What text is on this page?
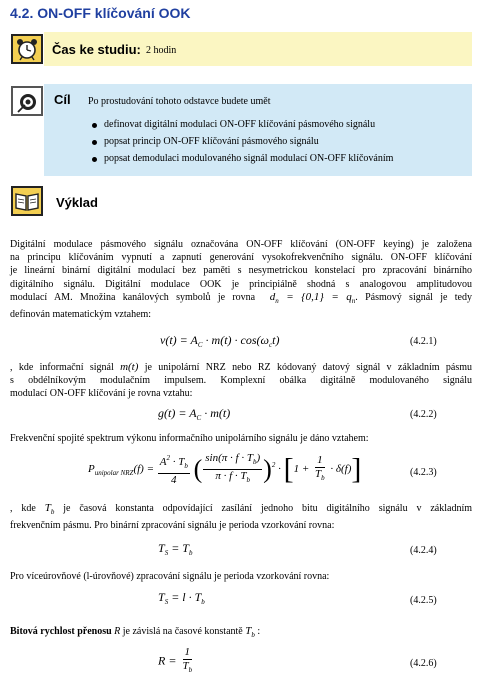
4.2. ON-OFF klíčování OOK
Čas ke studiu: 2 hodin
Cíl Po prostudování tohoto odstavce budete umět
definovat digitální modulaci ON-OFF klíčování pásmového signálu
popsat princip ON-OFF klíčování pásmového signálu
popsat demodulaci modulovaného signál modulací ON-OFF klíčováním
Výklad
Digitální modulace pásmového signálu označována ON-OFF klíčování (ON-OFF keying) je založena
na principu klíčováním vypnutí a zapnutí generování vysokofrekvenčního signálu. ON-OFF klíčování
je lineární binární digitální modulací bez paměti s nesymetrickou konstelací pro zpracování binárního
digitálního signálu. Digitální modulace OOK je principiálně shodná s analogovou amplitudovou
modulací AM. Množina kanálových symbolů je rovna $d_n = \{0,1\} = q_n$. Pásmový signál je tedy
definován matematickým vztahem:
$v(t) = A_C \cdot m(t) \cdot \cos(\omega_ct)$	(4.2.1)
, kde informační signál m(t) je unipolární NRZ nebo RZ kódovaný datový signál v základním pásmu
s obdélníkovým modulačním impulsem. Komplexní obálka digitálně modulovaného signálu
modulací ON-OFF klíčování je rovna vztahu:
$g(t) = A_C \cdot m(t)$	(4.2.2)
Frekvenční spojité spektrum výkonu informačního unipolárního signálu je dáno vztahem:
$P_{unipolar NRZ}(f) = \frac{A^2 \cdot T_b}{4}$ ( $\frac{\sin(\pi \cdot f \cdot T_b)}{\pi \cdot f \cdot T_b} )^2 \cdot [1 + \frac{1}{T_b} \cdot \delta(f)]$	(4.2.3)
, kde $T_b$ je časová konstanta odpovídající zasílání jednoho bitu digitálního signálu v základním
frekvenčním pásmu. Pro binární zpracování signálu je perioda vzorkování rovna:
$T_S = T_b$	(4.2.4)
Pro víceúrovňové (l-úrovňové) zpracování signálu je perioda vzorkování rovna:
$T_S = l \cdot T_b$	(4.2.5)
Bitová rychlost přenosu R je závislá na časové konstantě $T_b$ :
$R = \frac{1}{T_b}$	(4.2.6)
